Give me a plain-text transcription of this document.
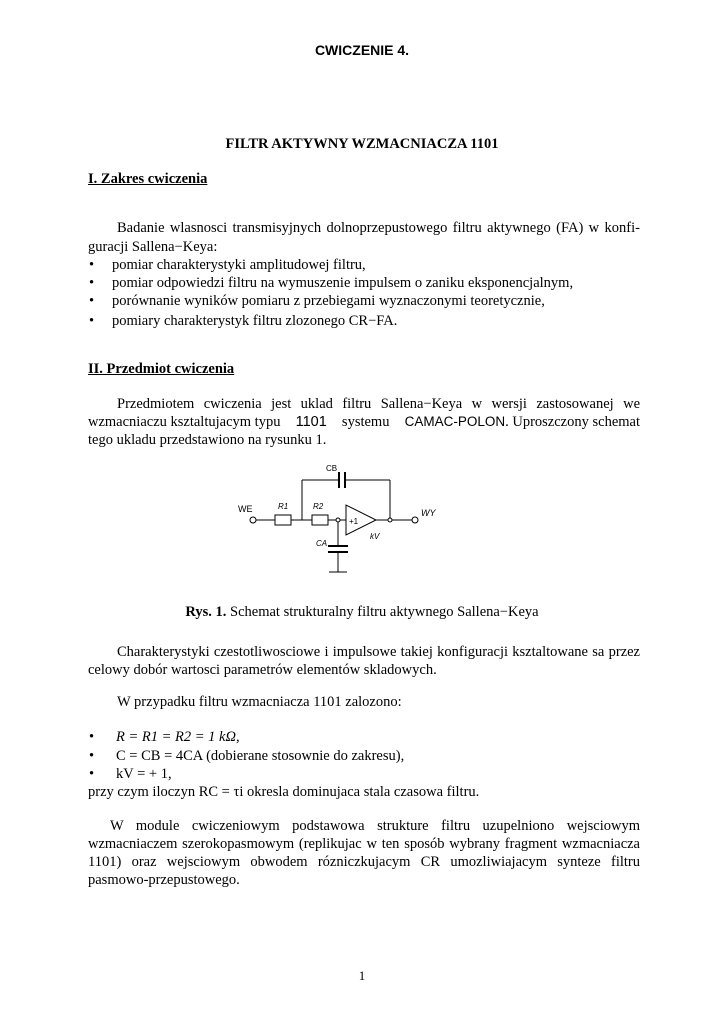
CWICZENIE 4.
FILTR AKTYWNY WZMACNIACZA 1101
I. Zakres cwiczenia
Badanie wlasnosci transmisyjnych dolnoprzepustowego filtru aktywnego (FA) w konfi-
guracji Sallena−Keya:
• pomiar charakterystyki amplitudowej filtru,
• pomiar odpowiedzi filtru na wymuszenie impulsem o zaniku eksponencjalnym,
• porównanie wyników pomiaru z przebiegami wyznaczonymi teoretycznie,
• pomiary charakterystyk filtru zlozonego CR−FA.
II. Przedmiot cwiczenia
Przedmiotem cwiczenia jest uklad filtru Sallena−Keya w wersji zastosowanej we
wzmacniaczu ksztaltujacym typu 1101 systemu CAMAC-POLON. Uproszczony schemat
tego ukladu przedstawiono na rysunku 1.
CB
WE	R1	R2
+1
WY
CA
kV
Rys. 1. Schemat strukturalny filtru aktywnego Sallena−Keya
Charakterystyki czestotliwosciowe i impulsowe takiej konfiguracji ksztaltowane sa przez
celowy dobór wartosci parametrów elementów skladowych.
W przypadku filtru wzmacniacza 1101 zalozono:
• R = R1 = R2 = 1 kΩ,
• C = CB = 4CA (dobierane stosownie do zakresu),
• kV = + 1,
przy czym iloczyn RC = τi okresla dominujaca stala czasowa filtru.
W module cwiczeniowym podstawowa strukture filtru uzupelniono wejsciowym
wzmacniaczem szerokopasmowym (replikujac w ten sposób wybrany fragment wzmacniacza
1101) oraz wejsciowym obwodem rózniczkujacym CR umozliwiajacym synteze filtru
pasmowo-przepustowego.
1
